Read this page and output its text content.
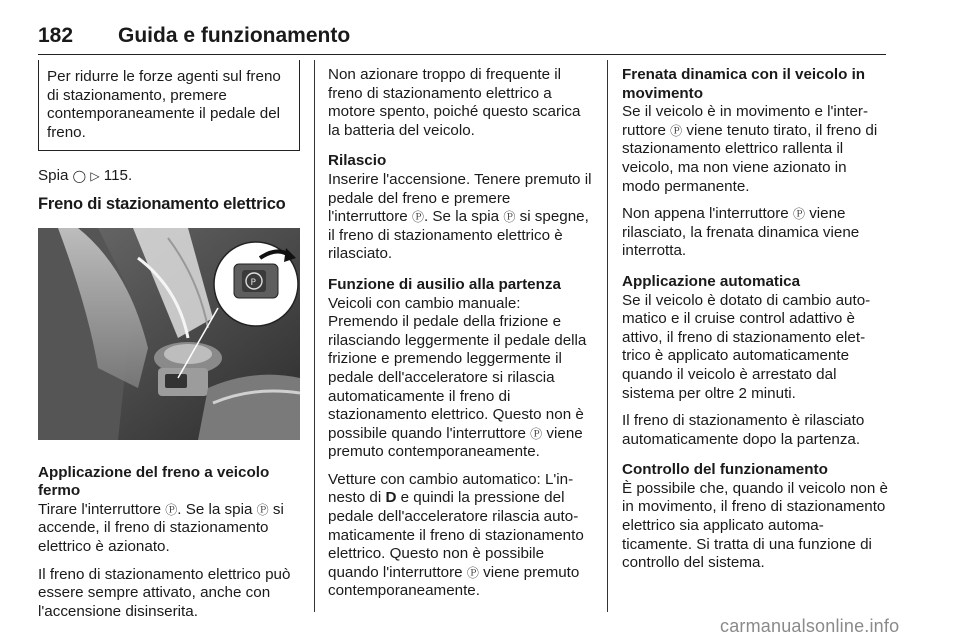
182 Guida e funzionamento
Per ridurre le forze agenti sul freno di stazionamento, premere contemporaneamente il pedale del freno.

Spia ◯ ▷ 115.

Freno di stazionamento elettrico
P
Applicazione del freno a veicolo fermo

Tirare l'interruttore Ⓟ. Se la spia Ⓟ si accende, il freno di stazionamento elettrico è azionato.

Il freno di stazionamento elettrico può essere sempre attivato, anche con l'accensione disinserita.

Non azionare troppo di frequente il freno di stazionamento elettrico a motore spento, poiché questo scarica la batteria del veicolo.

Rilascio

Inserire l'accensione. Tenere premuto il pedale del freno e premere l'interruttore Ⓟ. Se la spia Ⓟ si spegne, il freno di stazionamento elettrico è rilasciato.

Funzione di ausilio alla partenza

Veicoli con cambio manuale: Premendo il pedale della frizione e rilasciando leggermente il pedale della frizione e premendo leggermente il pedale dell'acceleratore si rilascia automaticamente il freno di stazionamento elettrico. Questo non è possibile quando l'interruttore Ⓟ viene premuto contemporaneamente.

Vetture con cambio automatico: L'innesto di D e quindi la pressione del pedale dell'acceleratore rilascia automaticamente il freno di stazionamento elettrico. Questo non è possibile quando l'interruttore Ⓟ viene premuto contemporaneamente.

Frenata dinamica con il veicolo in movimento

Se il veicolo è in movimento e l'interruttore Ⓟ viene tenuto tirato, il freno di stazionamento elettrico rallenta il veicolo, ma non viene azionato in modo permanente.

Non appena l'interruttore Ⓟ viene rilasciato, la frenata dinamica viene interrotta.

Applicazione automatica

Se il veicolo è dotato di cambio automatico e il cruise control adattivo è attivo, il freno di stazionamento elettrico è applicato automaticamente quando il veicolo è arrestato dal sistema per oltre 2 minuti.

Il freno di stazionamento è rilasciato automaticamente dopo la partenza.

Controllo del funzionamento

È possibile che, quando il veicolo non è in movimento, il freno di stazionamento elettrico sia applicato automaticamente. Si tratta di una funzione di controllo del sistema.

carmanualsonline.info
